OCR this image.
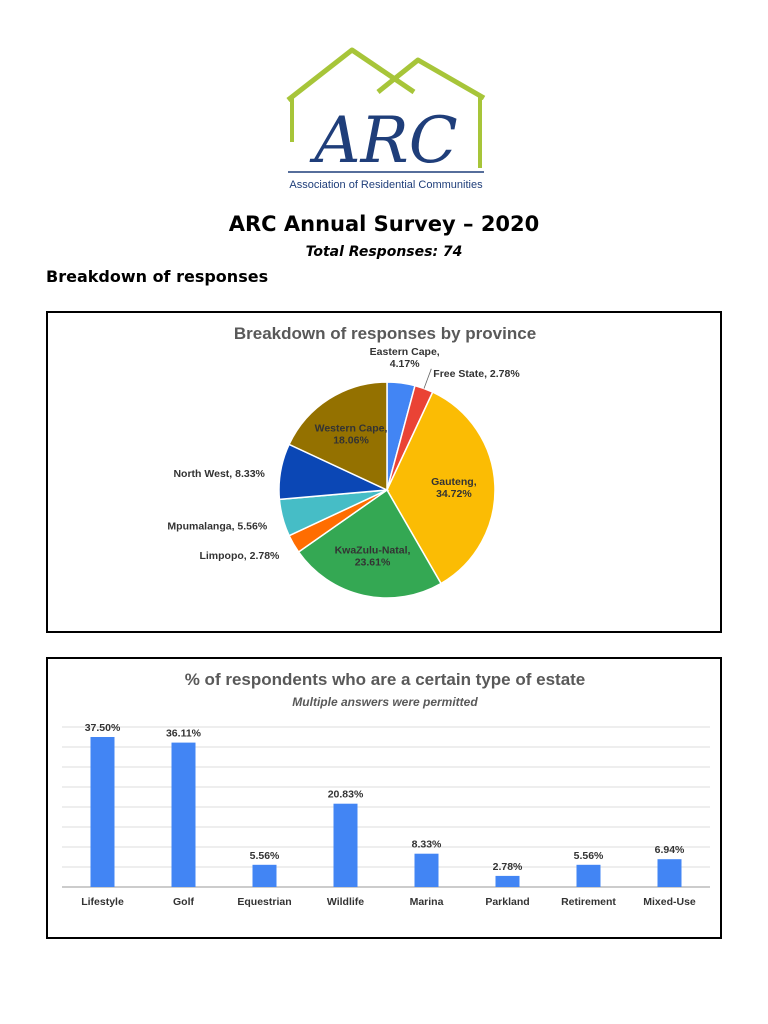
ARC
Association of Residential Communities
ARC Annual Survey – 2020
Total Responses: 74
Breakdown of responses
Breakdown of responses by province
Eastern Cape, 4.17%
Free State, 2.78%
Gauteng, 34.72%
KwaZulu-Natal, 23.61%
Limpopo, 2.78%
Mpumalanga, 5.56%
North West, 8.33%
Western Cape, 18.06%
% of respondents who are a certain type of estate
Multiple answers were permitted
37.50%
Lifestyle
36.11%
Golf
5.56%
Equestrian
20.83%
Wildlife
8.33%
Marina
2.78%
Parkland
5.56%
Retirement
6.94%
Mixed-Use
